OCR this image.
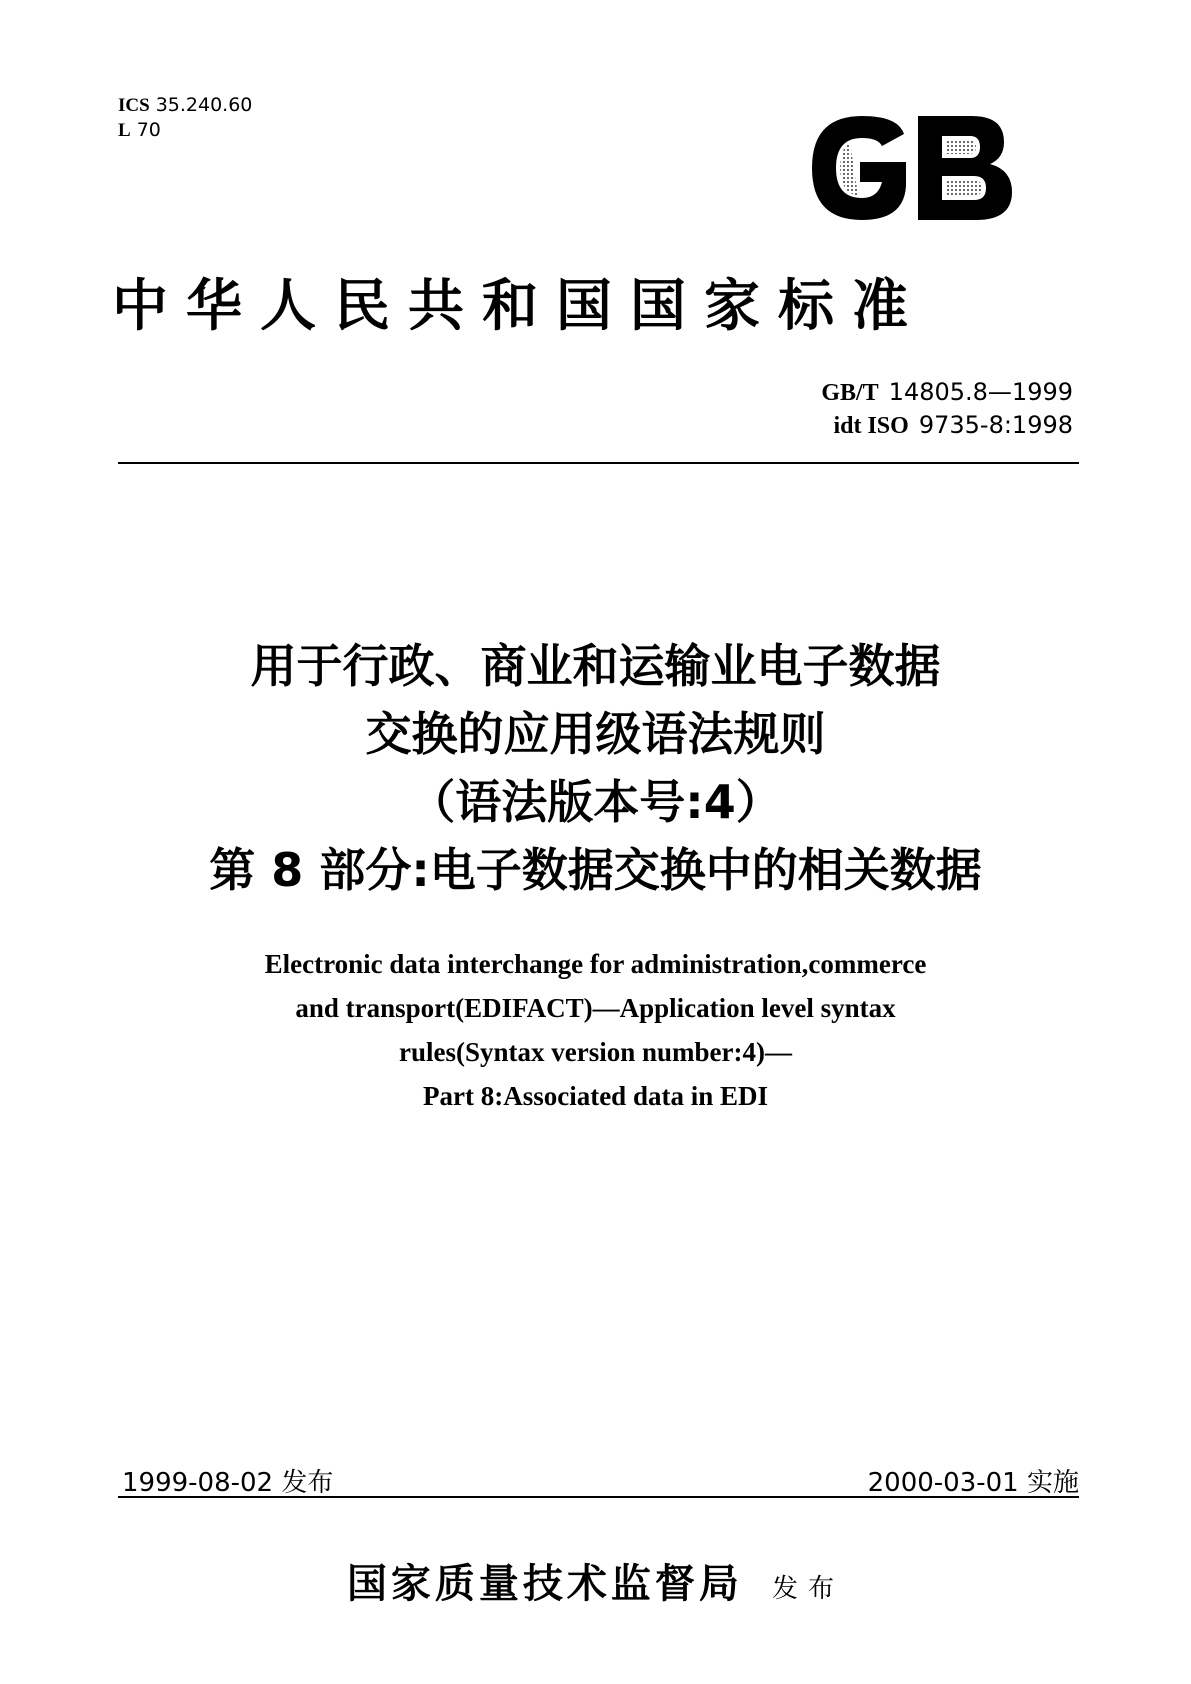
ICS 35.240.60
L 70
中华人民共和国国家标准
GB/T 14805.8—1999
idt ISO 9735-8:1998
用于行政、商业和运输业电子数据
交换的应用级语法规则
（语法版本号:4）
第 8 部分:电子数据交换中的相关数据
Electronic data interchange for administration,commerce
and transport(EDIFACT)—Application level syntax
rules(Syntax version number:4)—
Part 8:Associated data in EDI
1999-08-02 发布	2000-03-01 实施
国家质量技术监督局 发布
